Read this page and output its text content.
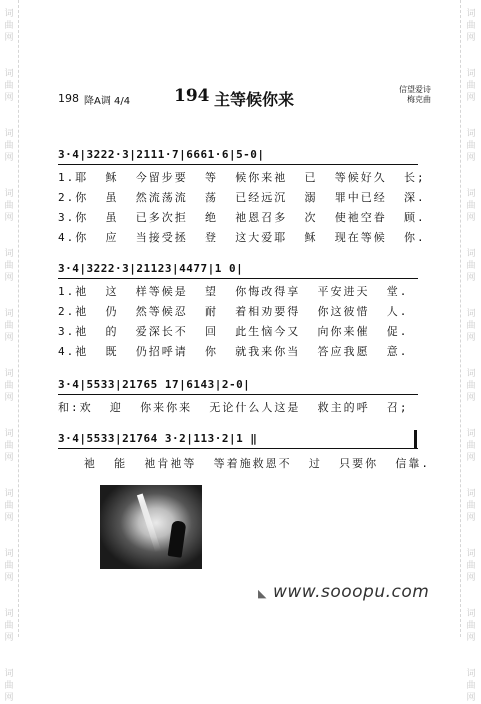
词
曲
网
词
曲
网
词
曲
网
词
曲
网
词
曲
网
词
曲
网
词
曲
网
词
曲
网
词
曲
网
词
曲
网
词
曲
网
词
曲
网
词
曲
网
词
曲
网
词
曲
网
词
曲
网
词
曲
网
词
曲
网
词
曲
网
词
曲
网
词
曲
网
词
曲
网
词
曲
网
词
曲
网
198 降A调 4/4	194 主等候你来
信望爱诗
梅克曲
3·4|3222·3|2111·7|6661·6|5-0|
1.耶  稣  今留步要  等  候你来祂  已  等候好久  长;
2.你  虽  然流荡流  荡  已经远沉  溺  罪中已经  深.
3.你  虽  已多次拒  绝  祂恩召多  次  使祂空眷  顾.
4.你  应  当接受拯  登  这大爱耶  稣  现在等候  你.
3·4|3222·3|21123|4477|1 0|
1.祂  这  样等候是  望  你悔改得享  平安进天  堂.
2.祂  仍  然等候忍  耐  着相劝要得  你这彼惜  人.
3.祂  的  爱深长不  回  此生恼今又  向你来催  促.
4.祂  既  仍招呼请  你  就我来你当  答应我愿  意.
3·4|5533|21765 17|6143|2-0|
和:欢  迎  你来你来  无论什么人这是  救主的呼  召;
3·4|5533|21764 3·2|113·2|1 ‖
祂  能  祂肯祂等  等着施救恩不  过  只要你  信靠.
◣ www.sooopu.com
